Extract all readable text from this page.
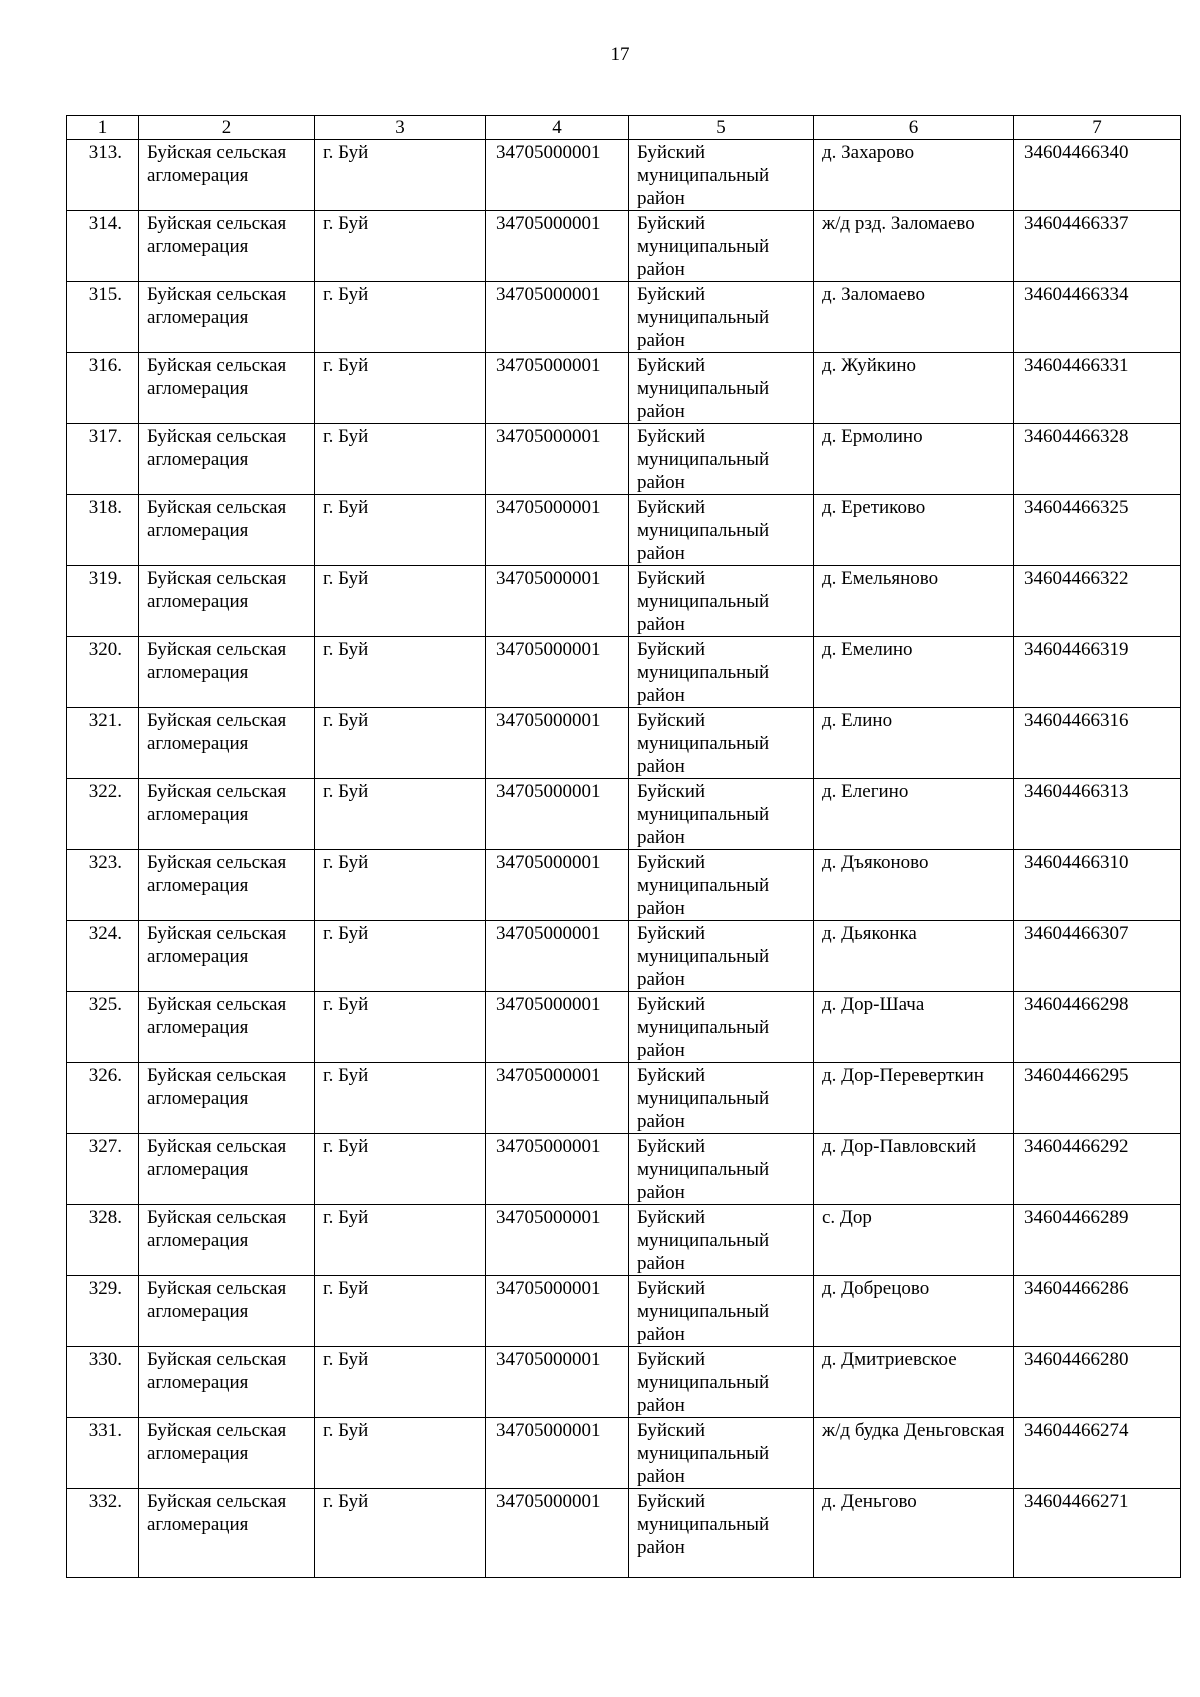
17
1	2	3	4	5	6	7
313.	Буйская сельская агломерация	г. Буй	34705000001	Буйский муниципальный район	д. Захарово	34604466340
314.	Буйская сельская агломерация	г. Буй	34705000001	Буйский муниципальный район	ж/д рзд. Заломаево	34604466337
315.	Буйская сельская агломерация	г. Буй	34705000001	Буйский муниципальный район	д. Заломаево	34604466334
316.	Буйская сельская агломерация	г. Буй	34705000001	Буйский муниципальный район	д. Жуйкино	34604466331
317.	Буйская сельская агломерация	г. Буй	34705000001	Буйский муниципальный район	д. Ермолино	34604466328
318.	Буйская сельская агломерация	г. Буй	34705000001	Буйский муниципальный район	д. Еретиково	34604466325
319.	Буйская сельская агломерация	г. Буй	34705000001	Буйский муниципальный район	д. Емельяново	34604466322
320.	Буйская сельская агломерация	г. Буй	34705000001	Буйский муниципальный район	д. Емелино	34604466319
321.	Буйская сельская агломерация	г. Буй	34705000001	Буйский муниципальный район	д. Елино	34604466316
322.	Буйская сельская агломерация	г. Буй	34705000001	Буйский муниципальный район	д. Елегино	34604466313
323.	Буйская сельская агломерация	г. Буй	34705000001	Буйский муниципальный район	д. Дъяконово	34604466310
324.	Буйская сельская агломерация	г. Буй	34705000001	Буйский муниципальный район	д. Дьяконка	34604466307
325.	Буйская сельская агломерация	г. Буй	34705000001	Буйский муниципальный район	д. Дор-Шача	34604466298
326.	Буйская сельская агломерация	г. Буй	34705000001	Буйский муниципальный район	д. Дор-Переверткин	34604466295
327.	Буйская сельская агломерация	г. Буй	34705000001	Буйский муниципальный район	д. Дор-Павловский	34604466292
328.	Буйская сельская агломерация	г. Буй	34705000001	Буйский муниципальный район	с. Дор	34604466289
329.	Буйская сельская агломерация	г. Буй	34705000001	Буйский муниципальный район	д. Добрецово	34604466286
330.	Буйская сельская агломерация	г. Буй	34705000001	Буйский муниципальный район	д. Дмитриевское	34604466280
331.	Буйская сельская агломерация	г. Буй	34705000001	Буйский муниципальный район	ж/д будка Деньговская	34604466274
332.	Буйская сельская агломерация	г. Буй	34705000001	Буйский муниципальный район	д. Деньгово	34604466271
